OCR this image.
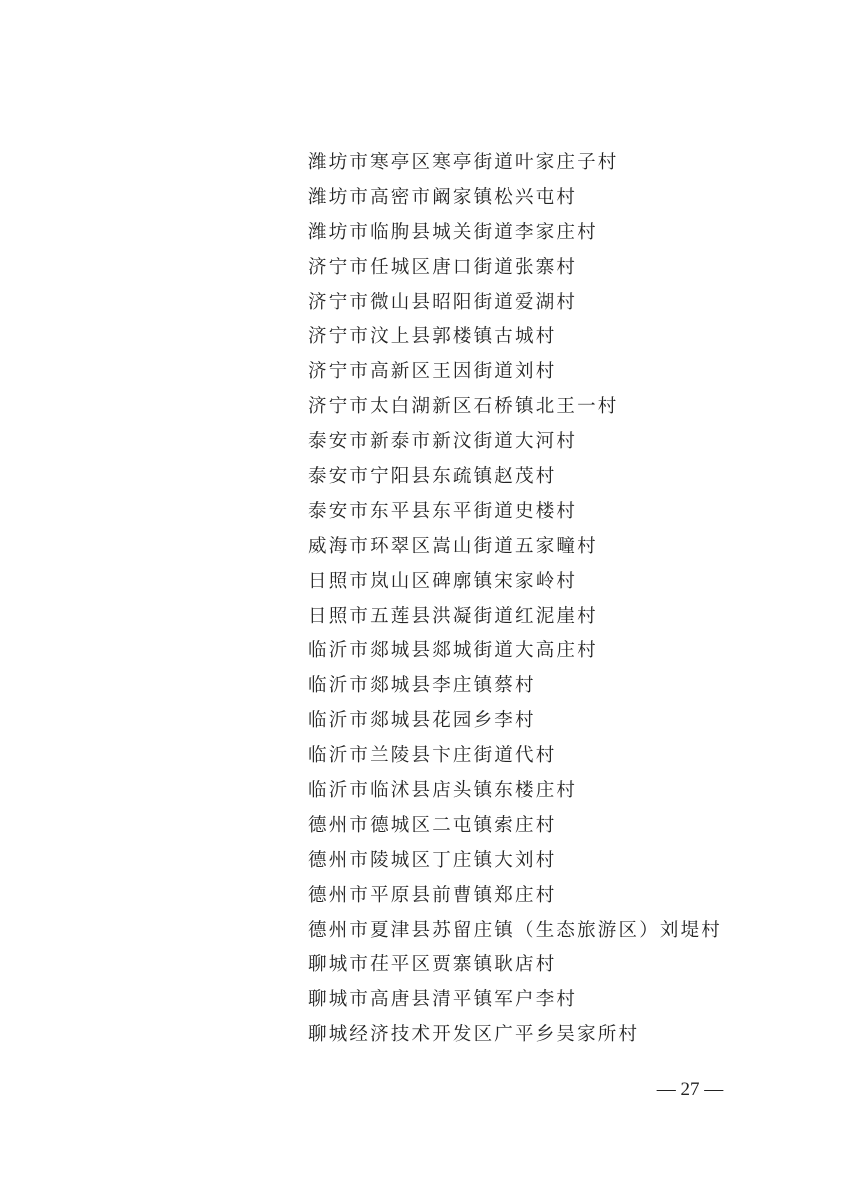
潍坊市寒亭区寒亭街道叶家庄子村
潍坊市高密市阚家镇松兴屯村
潍坊市临朐县城关街道李家庄村
济宁市任城区唐口街道张寨村
济宁市微山县昭阳街道爱湖村
济宁市汶上县郭楼镇古城村
济宁市高新区王因街道刘村
济宁市太白湖新区石桥镇北王一村
泰安市新泰市新汶街道大河村
泰安市宁阳县东疏镇赵茂村
泰安市东平县东平街道史楼村
威海市环翠区嵩山街道五家疃村
日照市岚山区碑廓镇宋家岭村
日照市五莲县洪凝街道红泥崖村
临沂市郯城县郯城街道大高庄村
临沂市郯城县李庄镇蔡村
临沂市郯城县花园乡李村
临沂市兰陵县卞庄街道代村
临沂市临沭县店头镇东楼庄村
德州市德城区二屯镇索庄村
德州市陵城区丁庄镇大刘村
德州市平原县前曹镇郑庄村
德州市夏津县苏留庄镇（生态旅游区）刘堤村
聊城市茌平区贾寨镇耿店村
聊城市高唐县清平镇军户李村
聊城经济技术开发区广平乡吴家所村
— 27 —
